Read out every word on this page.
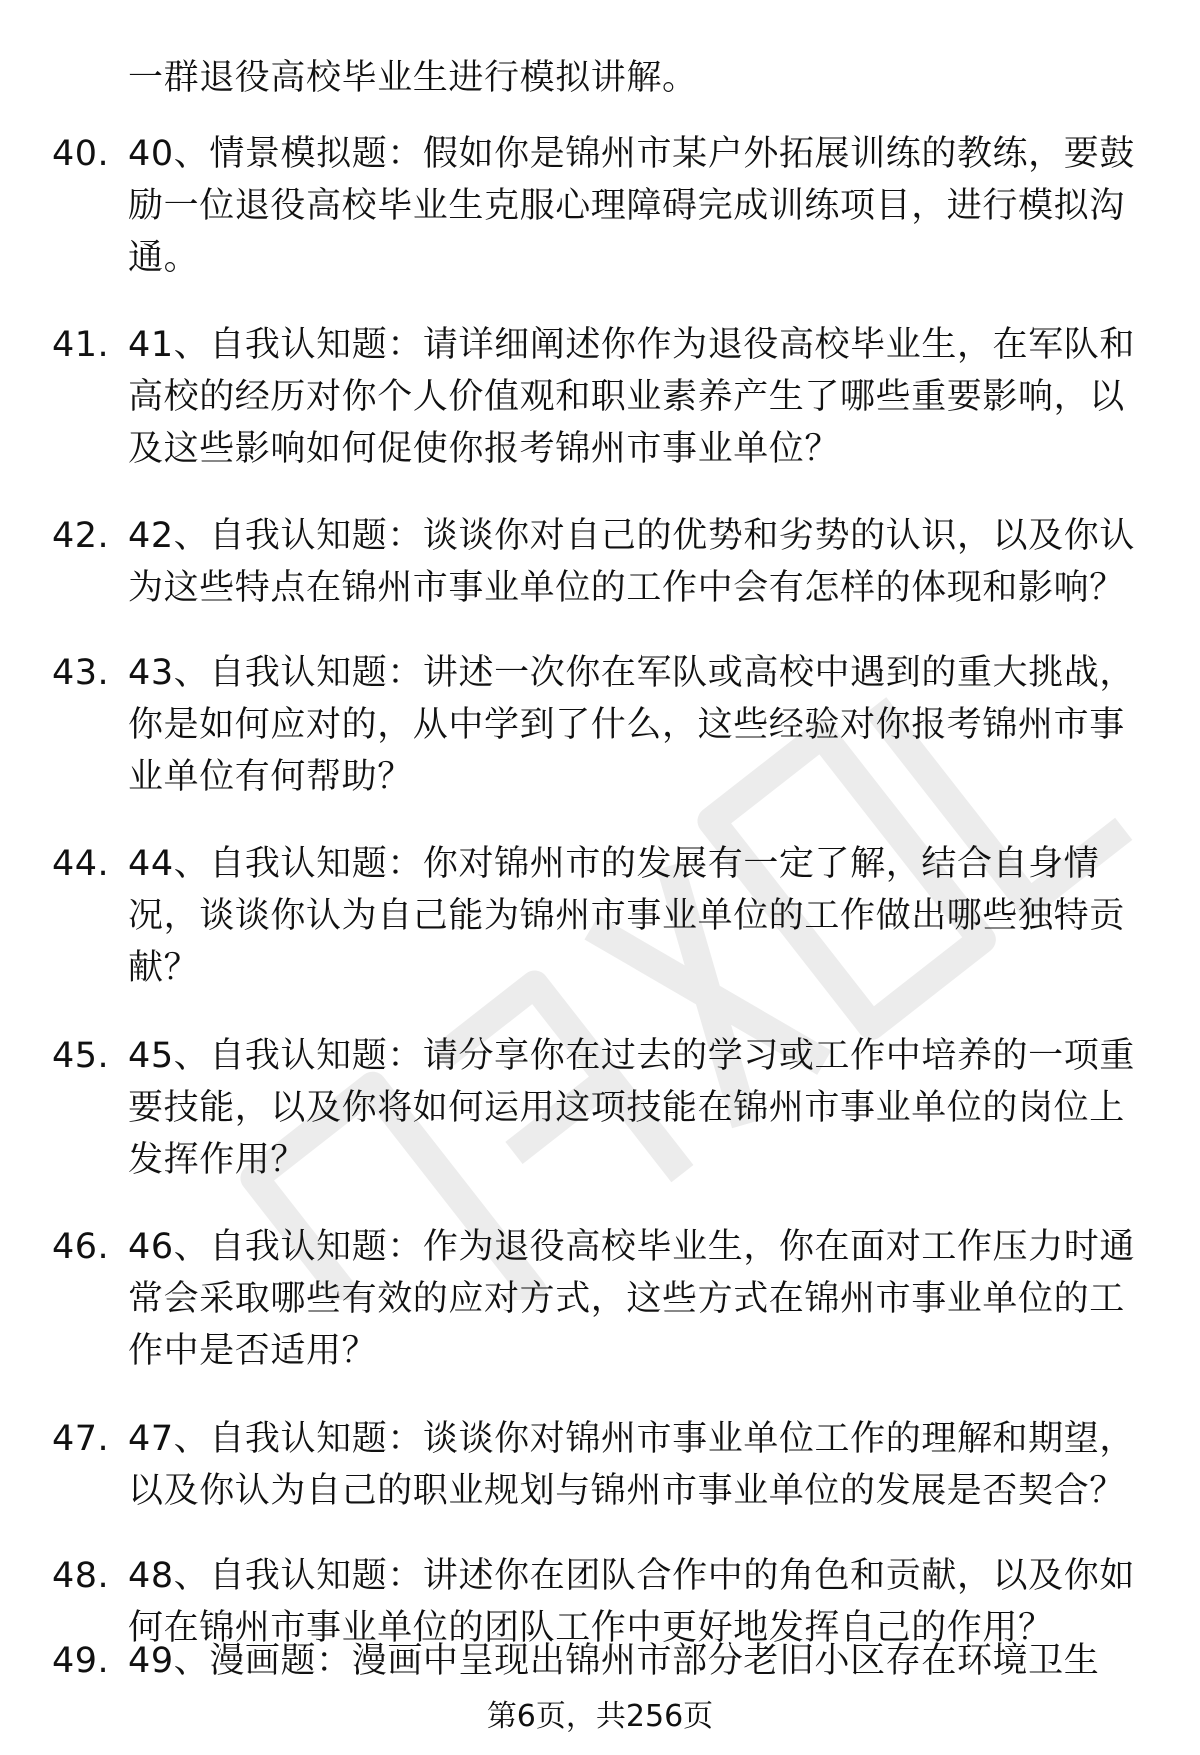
一群退役高校毕业生进行模拟讲解。
40. 40、情景模拟题：假如你是锦州市某户外拓展训练的教练，要鼓励一位退役高校毕业生克服心理障碍完成训练项目，进行模拟沟通。
41. 41、自我认知题：请详细阐述你作为退役高校毕业生，在军队和高校的经历对你个人价值观和职业素养产生了哪些重要影响，以及这些影响如何促使你报考锦州市事业单位？
42. 42、自我认知题：谈谈你对自己的优势和劣势的认识，以及你认为这些特点在锦州市事业单位的工作中会有怎样的体现和影响？
43. 43、自我认知题：讲述一次你在军队或高校中遇到的重大挑战，你是如何应对的，从中学到了什么，这些经验对你报考锦州市事业单位有何帮助？
44. 44、自我认知题：你对锦州市的发展有一定了解，结合自身情况，谈谈你认为自己能为锦州市事业单位的工作做出哪些独特贡献？
45. 45、自我认知题：请分享你在过去的学习或工作中培养的一项重要技能，以及你将如何运用这项技能在锦州市事业单位的岗位上发挥作用？
46. 46、自我认知题：作为退役高校毕业生，你在面对工作压力时通常会采取哪些有效的应对方式，这些方式在锦州市事业单位的工作中是否适用？
47. 47、自我认知题：谈谈你对锦州市事业单位工作的理解和期望，以及你认为自己的职业规划与锦州市事业单位的发展是否契合？
48. 48、自我认知题：讲述你在团队合作中的角色和贡献，以及你如何在锦州市事业单位的团队工作中更好地发挥自己的作用？
49. 49、漫画题：漫画中呈现出锦州市部分老旧小区存在环境卫生
第6页，共256页
